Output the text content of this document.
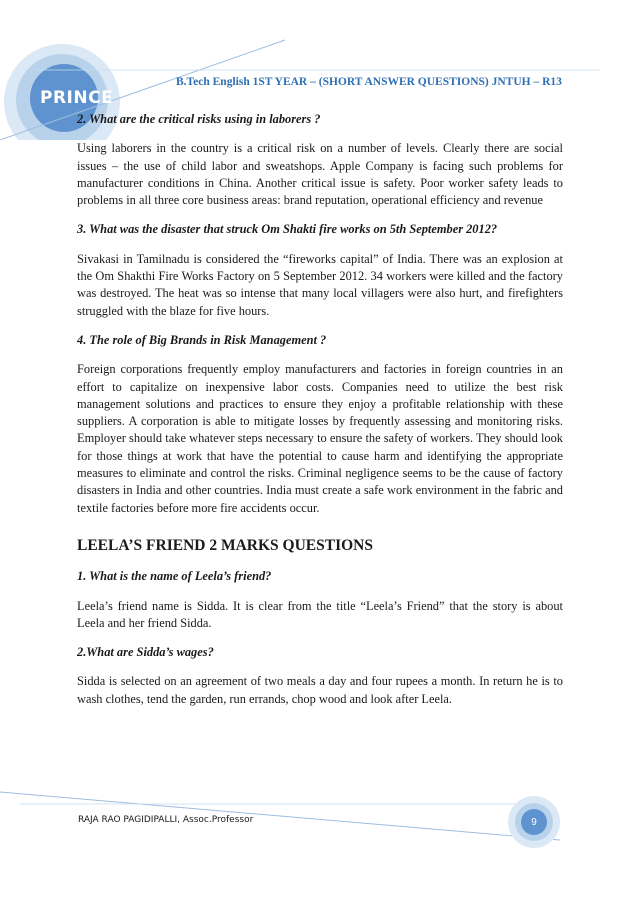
PRINCE
B.Tech English 1ST YEAR – (SHORT ANSWER QUESTIONS) JNTUH – R13

2. What are the critical risks using in laborers ?

Using laborers in the country is a critical risk on a number of levels. Clearly there are social issues – the use of child labor and sweatshops. Apple Company is facing such problems for manufacturer conditions in China. Another critical issue is safety. Poor worker safety leads to problems in all three core business areas: brand reputation, operational efficiency and revenue

3. What was the disaster that struck Om Shakti fire works on 5th September 2012?

Sivakasi in Tamilnadu is considered the “fireworks capital” of India. There was an explosion at the Om Shakthi Fire Works Factory on 5 September 2012. 34 workers were killed and the factory was destroyed. The heat was so intense that many local villagers were also hurt, and firefighters struggled with the blaze for five hours.

4. The role of Big Brands in Risk Management ?

Foreign corporations frequently employ manufacturers and factories in foreign countries in an effort to capitalize on inexpensive labor costs. Companies need to utilize the best risk management solutions and practices to ensure they enjoy a profitable relationship with these suppliers. A corporation is able to mitigate losses by frequently assessing and monitoring risks. Employer should take whatever steps necessary to ensure the safety of workers. They should look for those things at work that have the potential to cause harm and identifying the appropriate measures to eliminate and control the risks. Criminal negligence seems to be the cause of factory disasters in India and other countries. India must create a safe work environment in the fabric and textile factories before more fire accidents occur.

LEELA’S FRIEND 2 MARKS QUESTIONS

1. What is the name of Leela’s friend?

Leela’s friend name is Sidda. It is clear from the title “Leela’s Friend” that the story is about Leela and her friend Sidda.

2.What are Sidda’s wages?

Sidda is selected on an agreement of two meals a day and four rupees a month. In return he is to wash clothes, tend the garden, run errands, chop wood and look after Leela.

RAJA RAO PAGIDIPALLI, Assoc.Professor	9
